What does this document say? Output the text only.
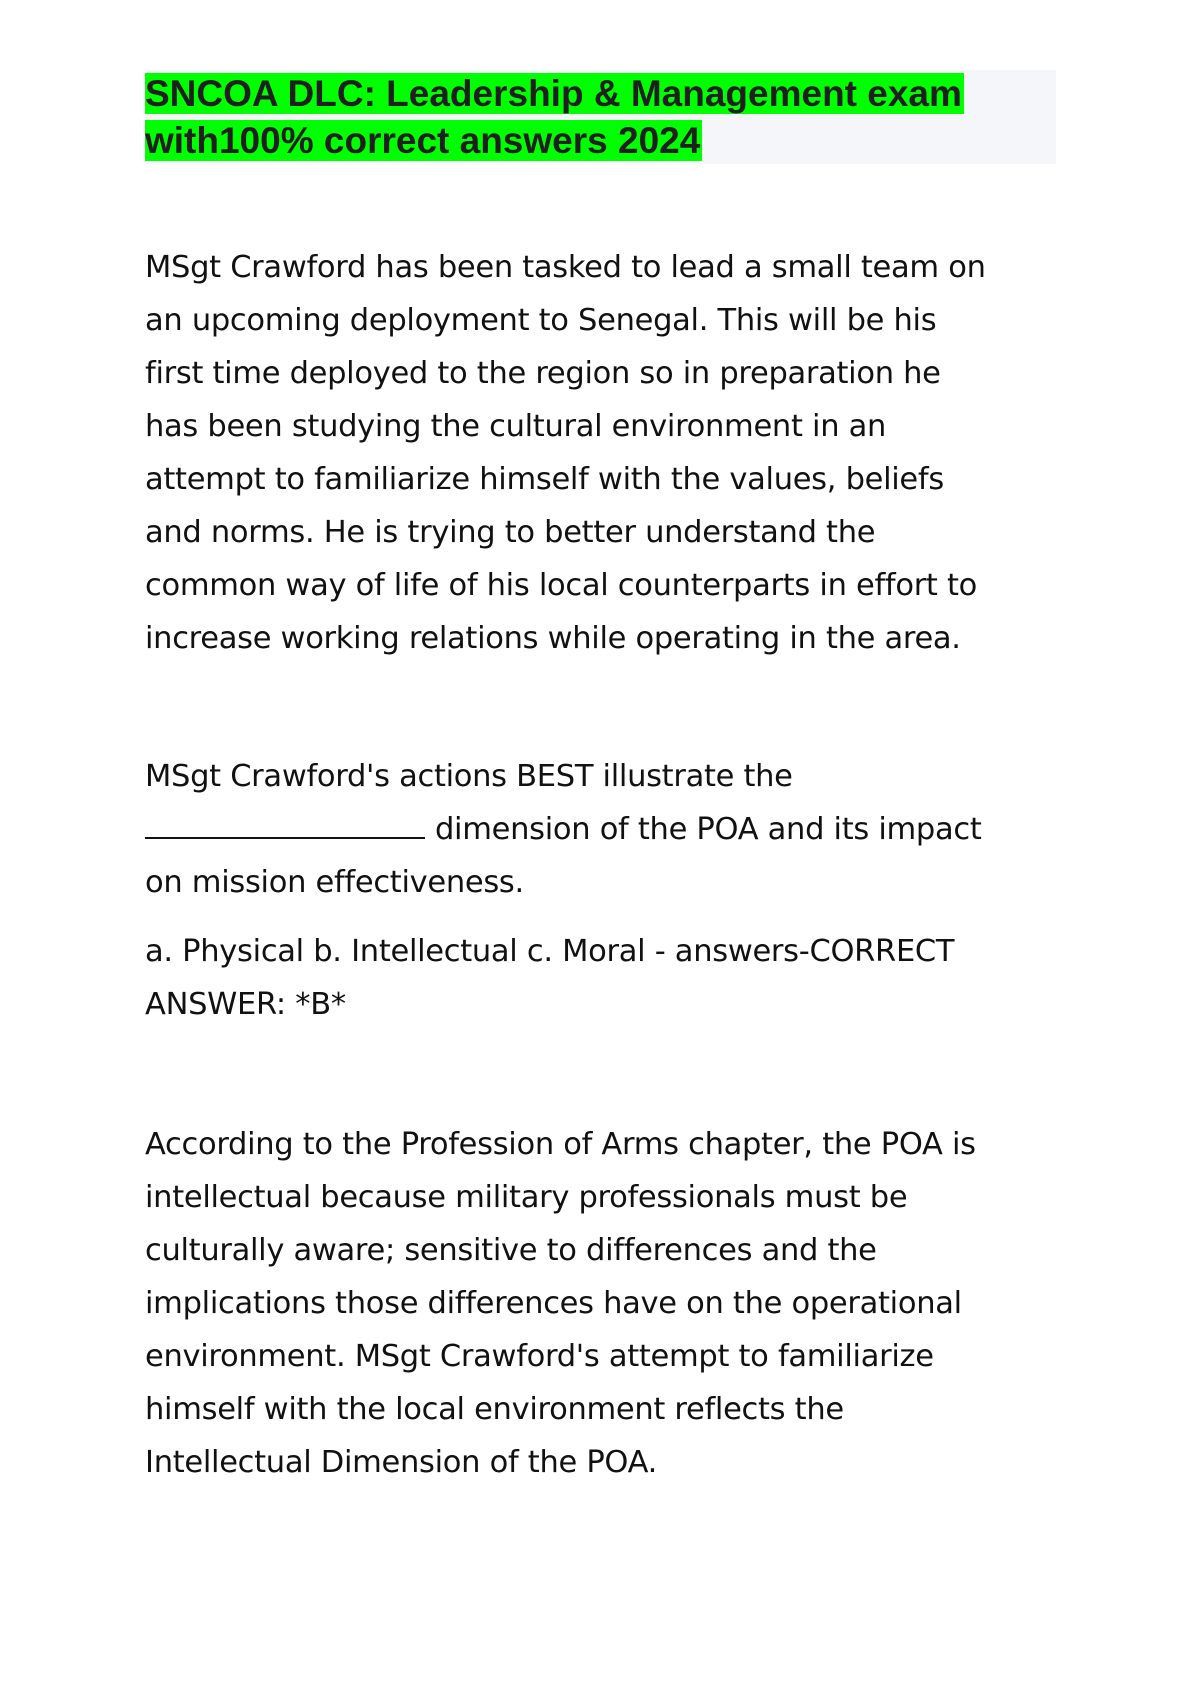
SNCOA DLC: Leadership & Management exam
with100% correct answers 2024
MSgt Crawford has been tasked to lead a small team on
an upcoming deployment to Senegal. This will be his
first time deployed to the region so in preparation he
has been studying the cultural environment in an
attempt to familiarize himself with the values, beliefs
and norms. He is trying to better understand the
common way of life of his local counterparts in effort to
increase working relations while operating in the area.
MSgt Crawford's actions BEST illustrate the
dimension of the POA and its impact
on mission effectiveness.
a. Physical b. Intellectual c. Moral - answers-CORRECT
ANSWER: *B*
According to the Profession of Arms chapter, the POA is
intellectual because military professionals must be
culturally aware; sensitive to differences and the
implications those differences have on the operational
environment. MSgt Crawford's attempt to familiarize
himself with the local environment reflects the
Intellectual Dimension of the POA.
